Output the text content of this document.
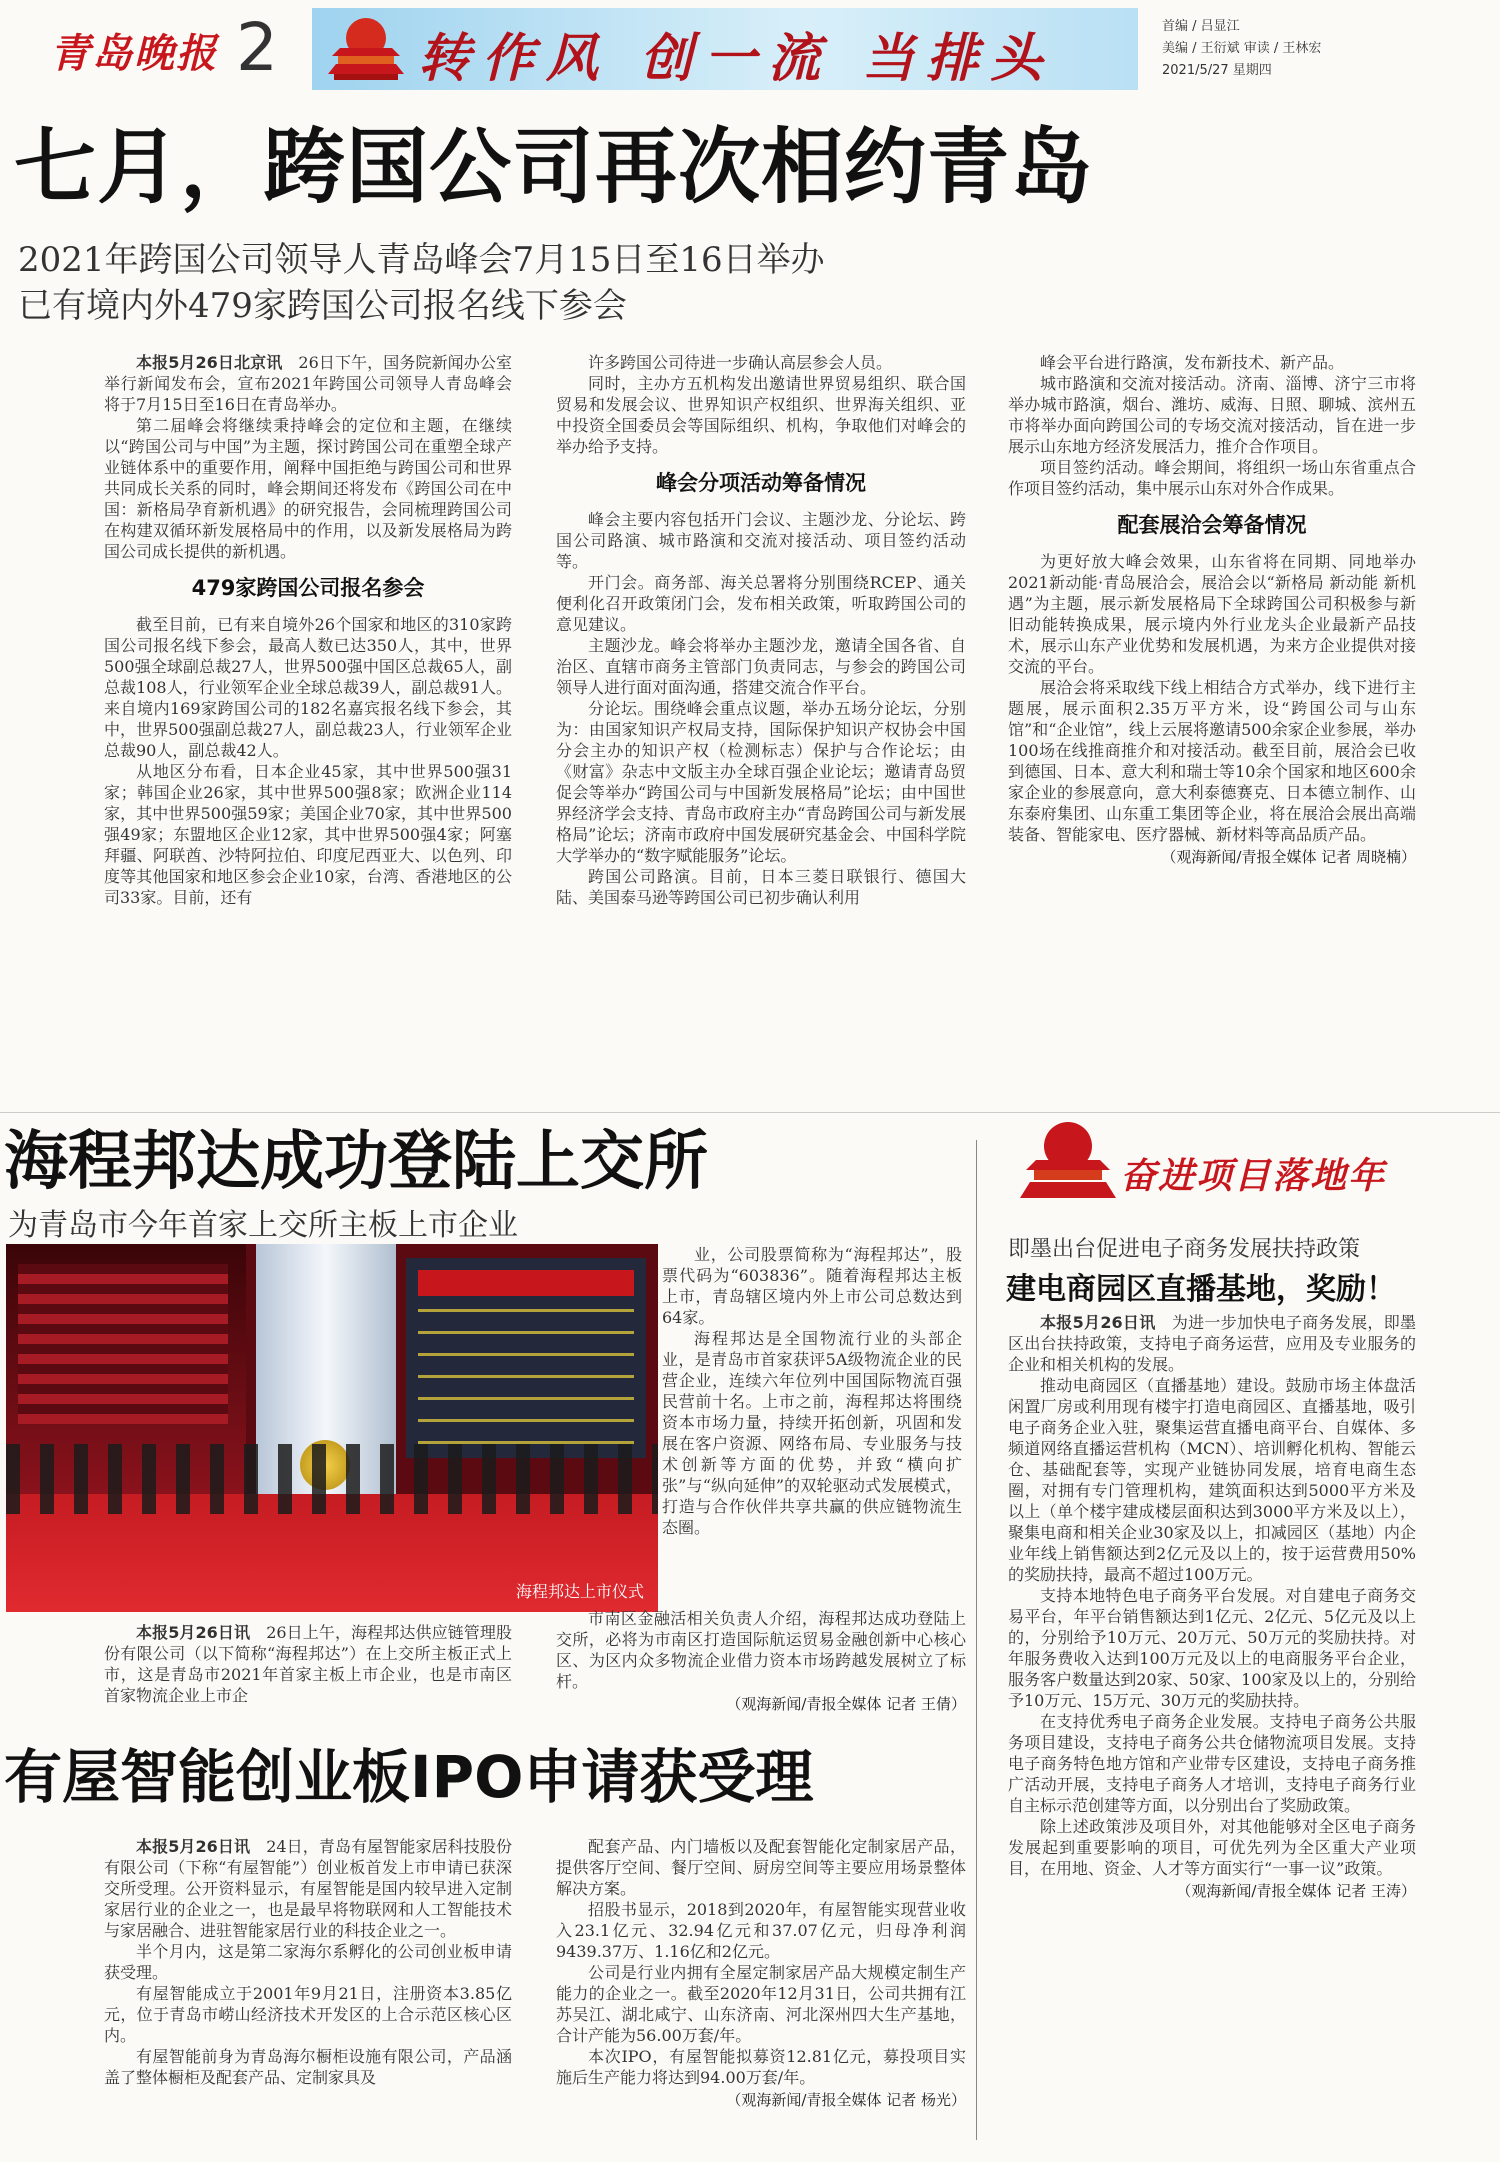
青岛晚报 2	转作风 创一流 当排头
首编 / 吕显江
美编 / 王衍斌 审读 / 王林宏
2021/5/27 星期四
七月，跨国公司再次相约青岛
2021年跨国公司领导人青岛峰会7月15日至16日举办
已有境内外479家跨国公司报名线下参会

本报5月26日北京讯　 26日下午，国务院新闻办公室举行新闻发布会，宣布2021年跨国公司领导人青岛峰会将于7月15日至16日在青岛举办。

第二届峰会将继续秉持峰会的定位和主题，在继续以“跨国公司与中国”为主题，探讨跨国公司在重塑全球产业链体系中的重要作用，阐释中国拒绝与跨国公司和世界共同成长关系的同时，峰会期间还将发布《跨国公司在中国：新格局孕育新机遇》的研究报告，会同梳理跨国公司在构建双循环新发展格局中的作用，以及新发展格局为跨国公司成长提供的新机遇。

479家跨国公司报名参会

截至目前，已有来自境外26个国家和地区的310家跨国公司报名线下参会，最高人数已达350人，其中，世界500强全球副总裁27人，世界500强中国区总裁65人，副总裁108人，行业领军企业全球总裁39人，副总裁91人。来自境内169家跨国公司的182名嘉宾报名线下参会，其中，世界500强副总裁27人，副总裁23人，行业领军企业总裁90人，副总裁42人。

从地区分布看，日本企业45家，其中世界500强31家；韩国企业26家，其中世界500强8家；欧洲企业114家，其中世界500强59家；美国企业70家，其中世界500强49家；东盟地区企业12家，其中世界500强4家；阿塞拜疆、阿联酋、沙特阿拉伯、印度尼西亚大、以色列、印度等其他国家和地区参会企业10家，台湾、香港地区的公司33家。目前，还有

许多跨国公司待进一步确认高层参会人员。

同时，主办方五机构发出邀请世界贸易组织、联合国贸易和发展会议、世界知识产权组织、世界海关组织、亚中投资全国委员会等国际组织、机构，争取他们对峰会的举办给予支持。

峰会分项活动筹备情况

峰会主要内容包括开门会议、主题沙龙、分论坛、跨国公司路演、城市路演和交流对接活动、项目签约活动等。

开门会。商务部、海关总署将分别围绕RCEP、通关便利化召开政策闭门会，发布相关政策，听取跨国公司的意见建议。

主题沙龙。峰会将举办主题沙龙，邀请全国各省、自治区、直辖市商务主管部门负责同志，与参会的跨国公司领导人进行面对面沟通，搭建交流合作平台。

分论坛。围绕峰会重点议题，举办五场分论坛，分别为：由国家知识产权局支持，国际保护知识产权协会中国分会主办的知识产权（检测标志）保护与合作论坛；由《财富》杂志中文版主办全球百强企业论坛；邀请青岛贸促会等举办“跨国公司与中国新发展格局”论坛；由中国世界经济学会支持、青岛市政府主办“青岛跨国公司与新发展格局”论坛；济南市政府中国发展研究基金会、中国科学院大学举办的“数字赋能服务”论坛。

跨国公司路演。目前，日本三菱日联银行、德国大陆、美国泰马逊等跨国公司已初步确认利用

峰会平台进行路演，发布新技术、新产品。

城市路演和交流对接活动。济南、淄博、济宁三市将举办城市路演，烟台、潍坊、威海、日照、聊城、滨州五市将举办面向跨国公司的专场交流对接活动，旨在进一步展示山东地方经济发展活力，推介合作项目。

项目签约活动。峰会期间，将组织一场山东省重点合作项目签约活动，集中展示山东对外合作成果。

配套展洽会筹备情况

为更好放大峰会效果，山东省将在同期、同地举办2021新动能·青岛展洽会，展洽会以“新格局 新动能 新机遇”为主题，展示新发展格局下全球跨国公司积极参与新旧动能转换成果，展示境内外行业龙头企业最新产品技术，展示山东产业优势和发展机遇，为来方企业提供对接交流的平台。

展洽会将采取线下线上相结合方式举办，线下进行主题展，展示面积2.35万平方米，设“跨国公司与山东馆”和“企业馆”，线上云展将邀请500余家企业参展，举办100场在线推商推介和对接活动。截至目前，展洽会已收到德国、日本、意大利和瑞士等10余个国家和地区600余家企业的参展意向，意大利泰德赛克、日本德立制作、山东泰府集团、山东重工集团等企业，将在展洽会展出高端装备、智能家电、医疗器械、新材料等高品质产品。

（观海新闻/青报全媒体 记者 周晓楠）

海程邦达成功登陆上交所
为青岛市今年首家上交所主板上市企业
海程邦达上市仪式

业，公司股票简称为“海程邦达”，股票代码为“603836”。随着海程邦达主板上市，青岛辖区境内外上市公司总数达到64家。

海程邦达是全国物流行业的头部企业，是青岛市首家获评5A级物流企业的民营企业，连续六年位列中国国际物流百强民营前十名。上市之前，海程邦达将围绕资本市场力量，持续开拓创新，巩固和发展在客户资源、网络布局、专业服务与技术创新等方面的优势，并致“横向扩张”与“纵向延伸”的双轮驱动式发展模式，打造与合作伙伴共享共赢的供应链物流生态圈。

本报5月26日讯　 26日上午，海程邦达供应链管理股份有限公司（以下简称“海程邦达”）在上交所主板正式上市，这是青岛市2021年首家主板上市企业，也是市南区首家物流企业上市企

市南区金融活相关负责人介绍，海程邦达成功登陆上交所，必将为市南区打造国际航运贸易金融创新中心核心区、为区内众多物流企业借力资本市场跨越发展树立了标杆。

（观海新闻/青报全媒体 记者 王倩）

有屋智能创业板IPO申请获受理

本报5月26日讯　 24日，青岛有屋智能家居科技股份有限公司（下称“有屋智能”）创业板首发上市申请已获深交所受理。公开资料显示，有屋智能是国内较早进入定制家居行业的企业之一，也是最早将物联网和人工智能技术与家居融合、进驻智能家居行业的科技企业之一。

半个月内，这是第二家海尔系孵化的公司创业板申请获受理。

有屋智能成立于2001年9月21日，注册资本3.85亿元，位于青岛市崂山经济技术开发区的上合示范区核心区内。

有屋智能前身为青岛海尔橱柜设施有限公司，产品涵盖了整体橱柜及配套产品、定制家具及

配套产品、内门墙板以及配套智能化定制家居产品，提供客厅空间、餐厅空间、厨房空间等主要应用场景整体解决方案。

招股书显示，2018到2020年，有屋智能实现营业收入23.1亿元、32.94亿元和37.07亿元，归母净利润9439.37万、1.16亿和2亿元。

公司是行业内拥有全屋定制家居产品大规模定制生产能力的企业之一。截至2020年12月31日，公司共拥有江苏吴江、湖北咸宁、山东济南、河北深州四大生产基地，合计产能为56.00万套/年。

本次IPO，有屋智能拟募资12.81亿元，募投项目实施后生产能力将达到94.00万套/年。

（观海新闻/青报全媒体 记者 杨光）

奋进项目落地年
即墨出台促进电子商务发展扶持政策
建电商园区直播基地，奖励！

本报5月26日讯　 为进一步加快电子商务发展，即墨区出台扶持政策，支持电子商务运营，应用及专业服务的企业和相关机构的发展。

推动电商园区（直播基地）建设。鼓励市场主体盘活闲置厂房或利用现有楼宇打造电商园区、直播基地，吸引电子商务企业入驻，聚集运营直播电商平台、自媒体、多频道网络直播运营机构（MCN）、培训孵化机构、智能云仓、基础配套等，实现产业链协同发展，培育电商生态圈，对拥有专门管理机构，建筑面积达到5000平方米及以上（单个楼宇建成楼层面积达到3000平方米及以上），聚集电商和相关企业30家及以上，扣减园区（基地）内企业年线上销售额达到2亿元及以上的，按于运营费用50%的奖励扶持，最高不超过100万元。

支持本地特色电子商务平台发展。对自建电子商务交易平台，年平台销售额达到1亿元、2亿元、5亿元及以上的，分别给予10万元、20万元、50万元的奖励扶持。对年服务费收入达到100万元及以上的电商服务平台企业，服务客户数量达到20家、50家、100家及以上的，分别给予10万元、15万元、30万元的奖励扶持。

在支持优秀电子商务企业发展。支持电子商务公共服务项目建设，支持电子商务公共仓储物流项目发展。支持电子商务特色地方馆和产业带专区建设，支持电子商务推广活动开展，支持电子商务人才培训，支持电子商务行业自主标示范创建等方面，以分别出台了奖励政策。

除上述政策涉及项目外，对其他能够对全区电子商务发展起到重要影响的项目，可优先列为全区重大产业项目，在用地、资金、人才等方面实行“一事一议”政策。

（观海新闻/青报全媒体 记者 王涛）
